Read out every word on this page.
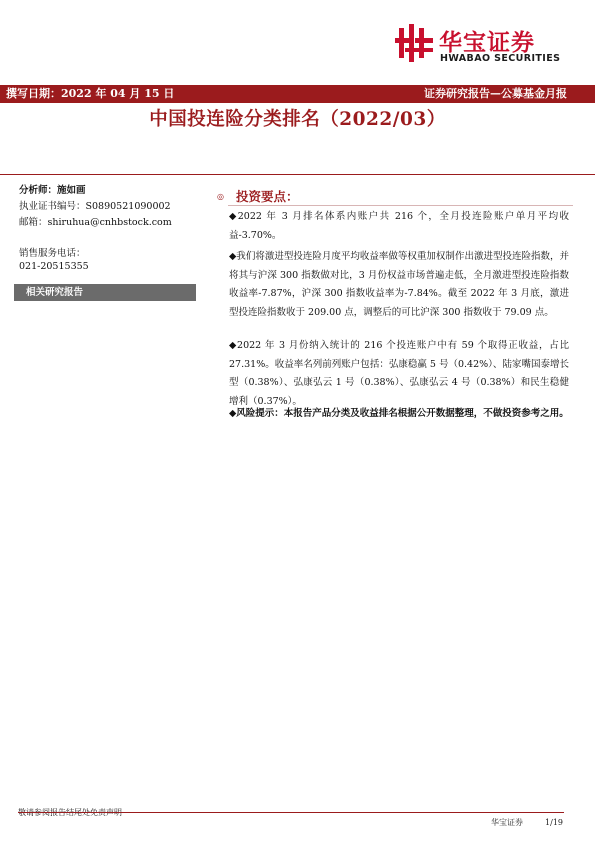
华宝证券
HWABAO SECURITIES
撰写日期：2022 年 04 月 15 日	证券研究报告—公募基金月报
中国投连险分类排名（2022/03）
分析师：施如画
执业证书编号：S0890521090002
邮箱：shiruhua@cnhbstock.com
销售服务电话：
021-20515355
相关研究报告
◎ 投资要点：
◆2022 年 3 月排名体系内账户共 216 个，全月投连险账户单月平均收益-3.70%。
◆我们将激进型投连险月度平均收益率做等权重加权制作出激进型投连险指数，并将其与沪深 300 指数做对比，3 月份权益市场普遍走低，全月激进型投连险指数收益率-7.87%，沪深 300 指数收益率为-7.84%。截至 2022 年 3 月底，激进型投连险指数收于 209.00 点，调整后的可比沪深 300 指数收于 79.09 点。
◆2022 年 3 月份纳入统计的 216 个投连账户中有 59 个取得正收益，占比 27.31%。收益率名列前列账户包括：弘康稳赢 5 号（0.42%）、陆家嘴国泰增长型（0.38%）、弘康弘云 1 号（0.38%）、弘康弘云 4 号（0.38%）和民生稳健增利（0.37%）。
◆风险提示：本报告产品分类及收益排名根据公开数据整理，不做投资参考之用。
华宝证券	1/19
